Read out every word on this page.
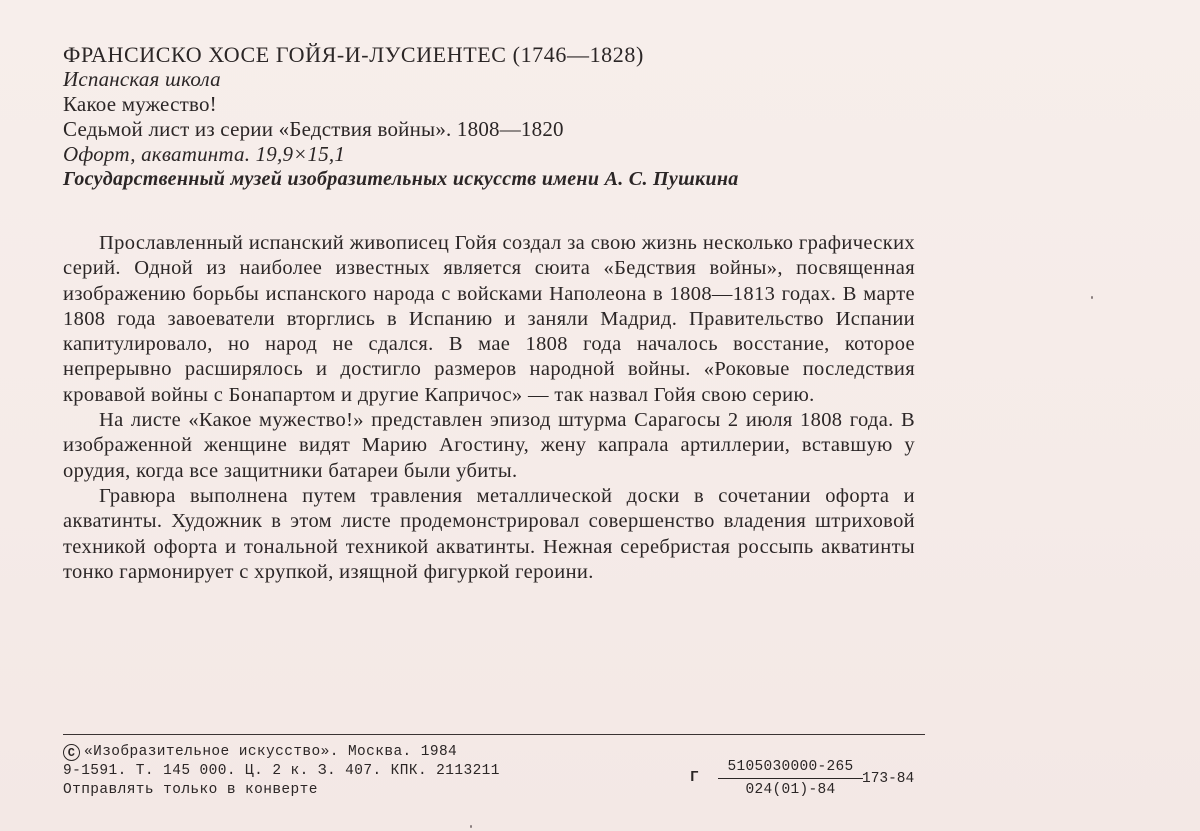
ФРАНСИСКО ХОСЕ ГОЙЯ-И-ЛУСИЕНТЕС (1746—1828)
Испанская школа
Какое мужество!
Седьмой лист из серии «Бедствия войны». 1808—1820
Офорт, акватинта. 19,9×15,1
Государственный музей изобразительных искусств имени А. С. Пушкина

Прославленный испанский живописец Гойя создал за свою жизнь несколько графических серий. Одной из наиболее известных является сюита «Бедствия войны», посвященная изображению борьбы испанского народа с войсками Наполеона в 1808—1813 годах. В марте 1808 года завоеватели вторглись в Испанию и заняли Мадрид. Правительство Испании капитулировало, но народ не сдался. В мае 1808 года началось восстание, которое непрерывно расширялось и достигло размеров народной войны. «Роковые последствия кровавой войны с Бонапартом и другие Капричос» — так назвал Гойя свою серию.

На листе «Какое мужество!» представлен эпизод штурма Сарагосы 2 июля 1808 года. В изображенной женщине видят Марию Агостину, жену капрала артиллерии, вставшую у орудия, когда все защитники батареи были убиты.

Гравюра выполнена путем травления металлической доски в сочетании офорта и акватинты. Художник в этом листе продемонстрировал совершенство владения штриховой техникой офорта и тональной техникой акватинты. Нежная серебристая россыпь акватинты тонко гармонирует с хрупкой, изящной фигуркой героини.

С «Изобразительное искусство». Москва. 1984
9-1591. Т. 145 000. Ц. 2 к. З. 407. КПК. 2113211
Отправлять только в конверте
Г
5105030000-265
024(01)-84
173-84
